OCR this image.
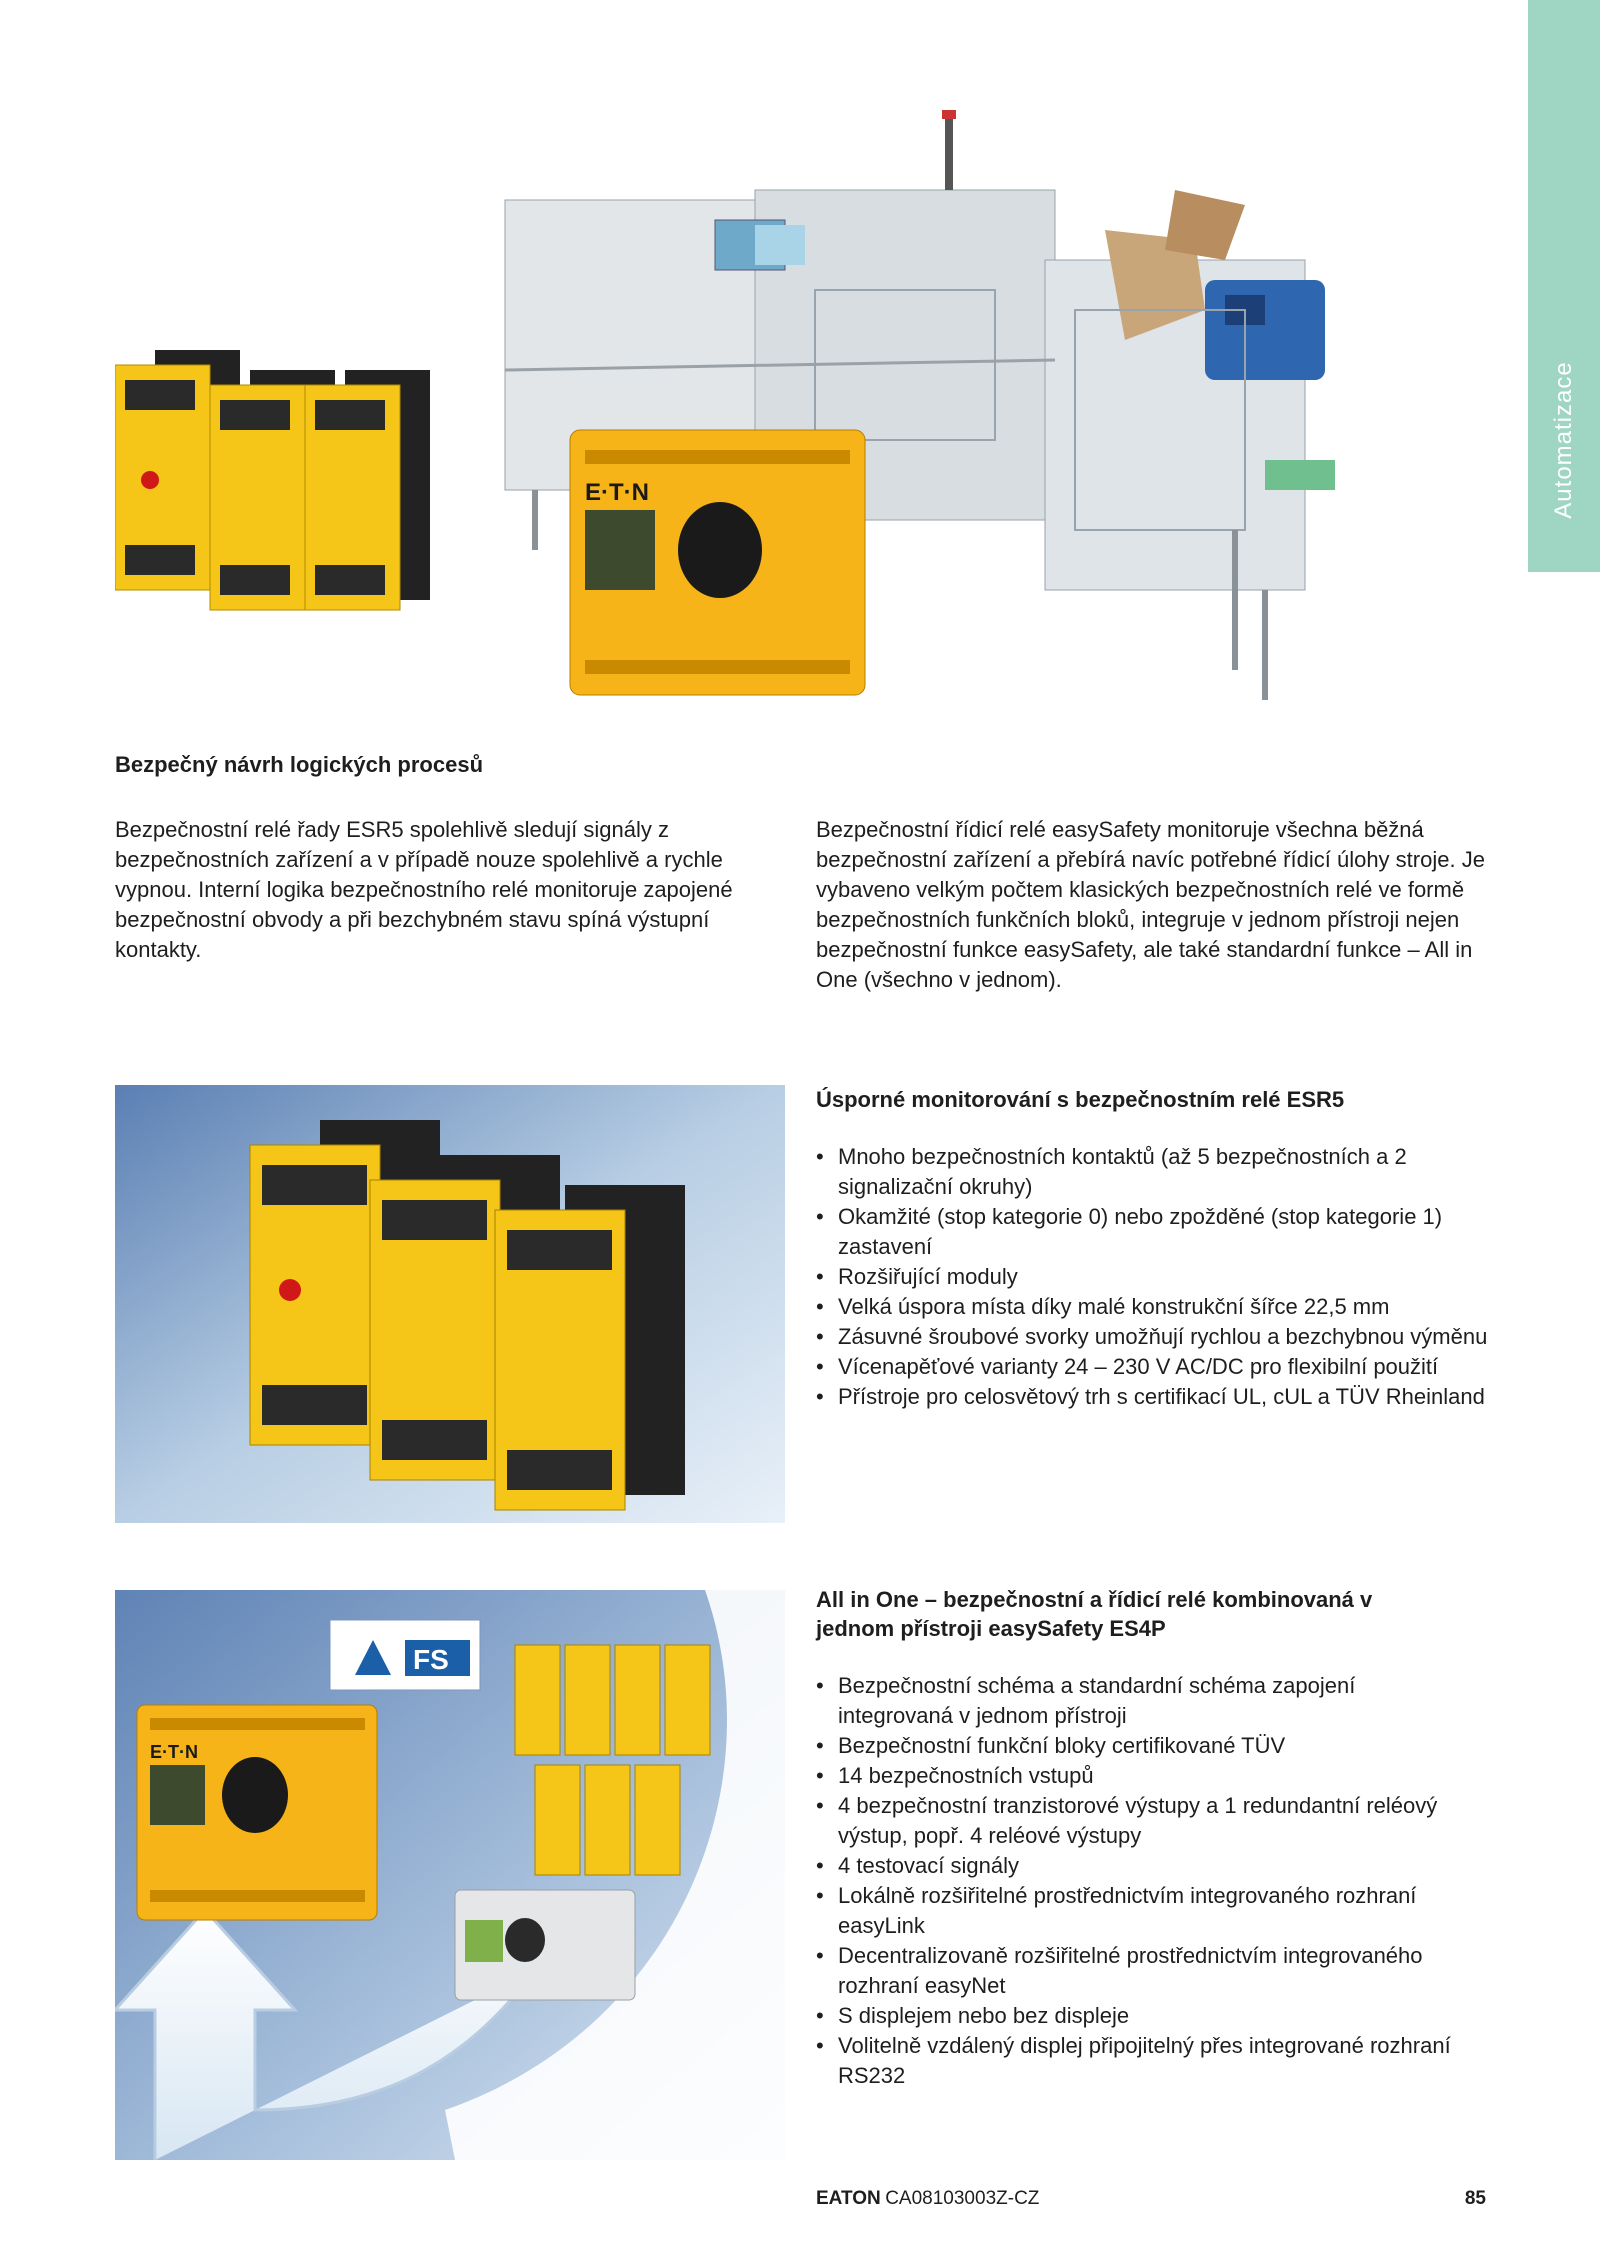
Automatizace
E·T·N

Bezpečný návrh logických procesů

Bezpečnostní relé řady ESR5 spolehlivě sledují signály z bezpečnostních zařízení a v případě nouze spolehlivě a rychle vypnou. Interní logika bezpečnostního relé monitoruje zapojené bezpečnostní obvody a při bezchybném stavu spíná výstupní kontakty.

Bezpečnostní řídicí relé easySafety monitoruje všechna běžná bezpečnostní zařízení a přebírá navíc potřebné řídicí úlohy stroje. Je vybaveno velkým počtem klasických bezpečnostních relé ve formě bezpečnostních funkčních bloků, integruje v jednom přístroji nejen bezpečnostní funkce easySafety, ale také standardní funkce – All in One (všechno v jednom).

Úsporné monitorování s bezpečnostním relé ESR5

• Mnoho bezpečnostních kontaktů (až 5 bezpečnostních a 2 signalizační okruhy)
• Okamžité (stop kategorie 0) nebo zpožděné (stop kategorie 1) zastavení
• Rozšiřující moduly
• Velká úspora místa díky malé konstrukční šířce 22,5 mm
• Zásuvné šroubové svorky umožňují rychlou a bezchybnou výměnu
• Vícenapěťové varianty 24 – 230 V AC/DC pro flexibilní použití
• Přístroje pro celosvětový trh s certifikací UL, cUL a TÜV Rheinland
FS
E·T·N

All in One – bezpečnostní a řídicí relé kombinovaná v jednom přístroji easySafety ES4P

• Bezpečnostní schéma a standardní schéma zapojení integrovaná v jednom přístroji
• Bezpečnostní funkční bloky certifikované TÜV
• 14 bezpečnostních vstupů
• 4 bezpečnostní tranzistorové výstupy a 1 redundantní reléový výstup, popř. 4 reléové výstupy
• 4 testovací signály
• Lokálně rozšiřitelné prostřednictvím integrovaného rozhraní easyLink
• Decentralizovaně rozšiřitelné prostřednictvím integrovaného rozhraní easyNet
• S displejem nebo bez displeje
• Volitelně vzdálený displej připojitelný přes integrované rozhraní RS232
EATON CA08103003Z-CZ	85
